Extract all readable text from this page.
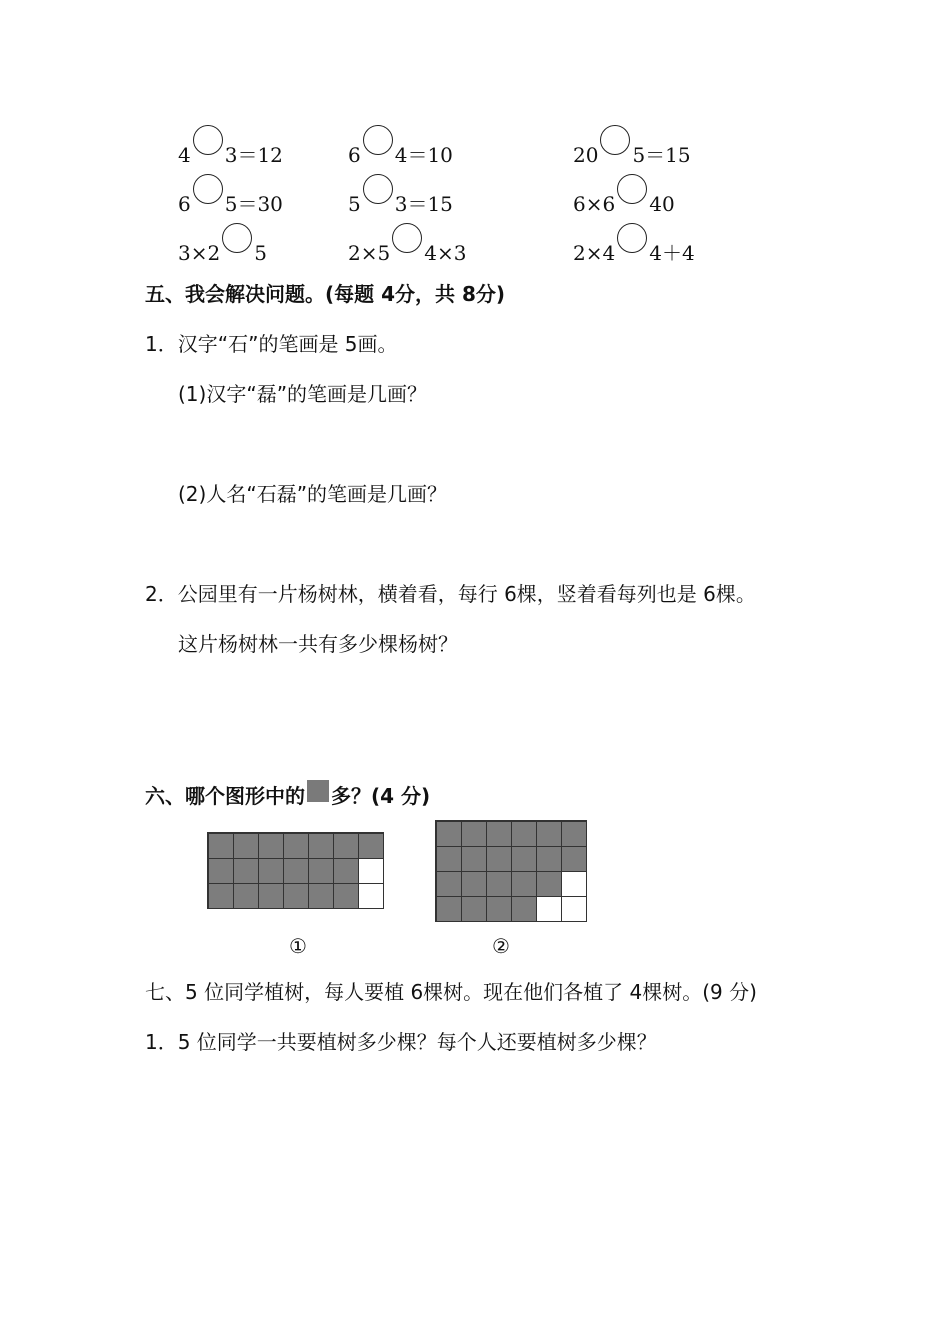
4 3＝12	6 4＝10	20 5＝15
6 5＝30	5 3＝15	6×6 40
3×2 5	2×5 4×3	2×4 4＋4
五、我会解决问题。(每题 4分，共 8分)
1．汉字“石”的笔画是 5画。
(1)汉字“磊”的笔画是几画？
(2)人名“石磊”的笔画是几画？
2．公园里有一片杨树林，横着看，每行 6棵，竖着看每列也是 6棵。
这片杨树林一共有多少棵杨树？
六、哪个图形中的 多？(4 分)
①	②
七、5 位同学植树，每人要植 6棵树。现在他们各植了 4棵树。(9 分)
1．5 位同学一共要植树多少棵？每个人还要植树多少棵？
